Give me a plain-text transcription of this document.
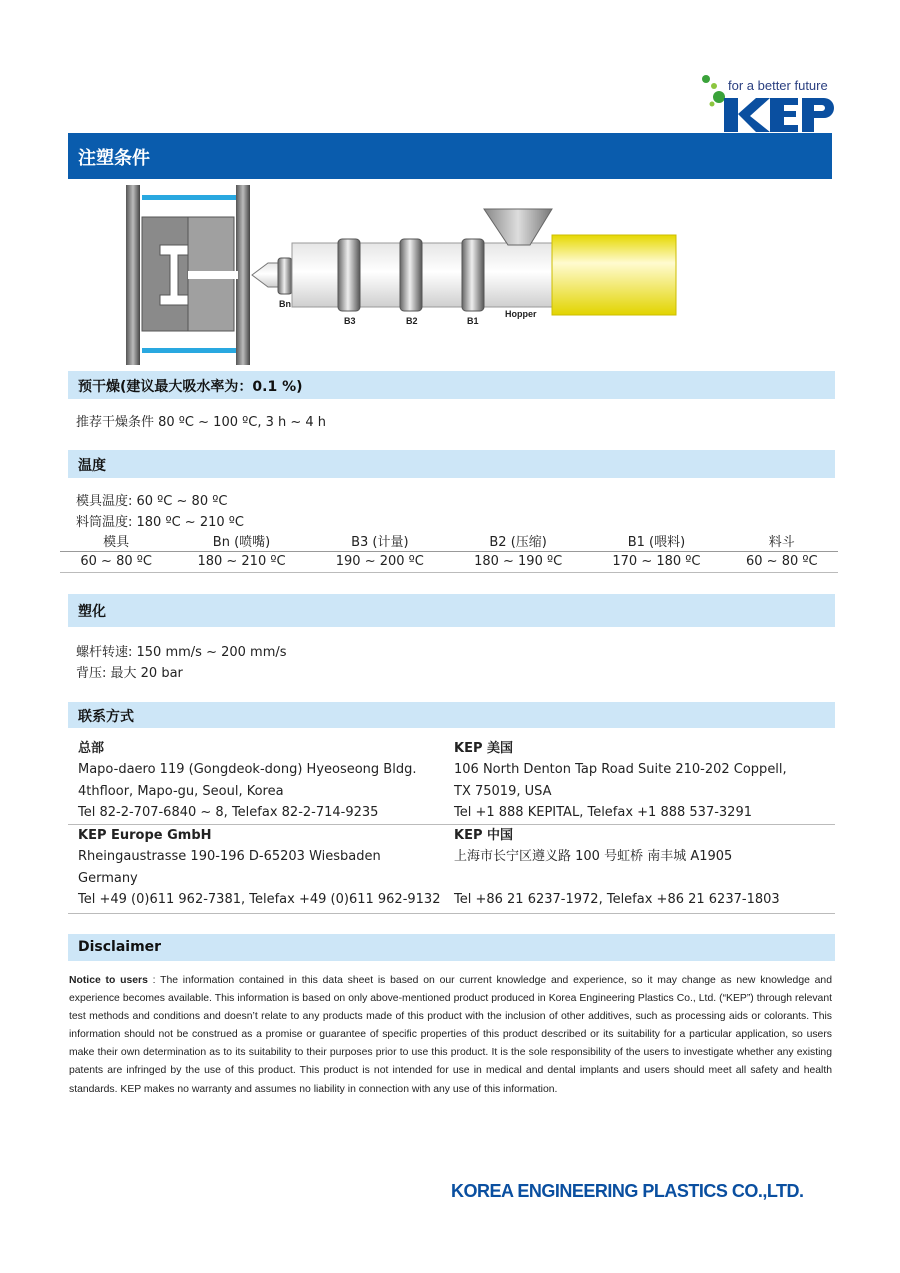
for a better future
注塑条件
Bn
B3	B2	B1
Hopper
预干燥(建议最大吸水率为：0.1 %)
推荐干燥条件 80 ºC ~ 100 ºC, 3 h ~ 4 h
温度
模具温度: 60 ºC ~ 80 ºC
料筒温度: 180 ºC ~ 210 ºC
模具	Bn (喷嘴)	B3 (计量)	B2 (压缩)	B1 (喂料)	料斗
60 ~ 80 ºC	180 ~ 210 ºC	190 ~ 200 ºC	180 ~ 190 ºC	170 ~ 180 ºC	60 ~ 80 ºC
塑化
螺杆转速: 150 mm/s ~ 200 mm/s
背压: 最大 20 bar
联系方式
总部
Mapo-daero 119 (Gongdeok-dong) Hyeoseong Bldg.
4thfloor, Mapo-gu, Seoul, Korea
Tel 82-2-707-6840 ~ 8, Telefax 82-2-714-9235
KEP 美国
106 North Denton Tap Road Suite 210-202 Coppell,
TX 75019, USA
Tel +1 888 KEPITAL, Telefax +1 888 537-3291
KEP Europe GmbH
Rheingaustrasse 190-196 D-65203 Wiesbaden
Germany
Tel +49 (0)611 962-7381, Telefax +49 (0)611 962-9132
KEP 中国
上海市长宁区遵义路 100 号虹桥 南丰城 A1905
Tel +86 21 6237-1972, Telefax +86 21 6237-1803
Disclaimer
Notice to users : The information contained in this data sheet is based on our current knowledge and experience, so it may change as new knowledge and experience becomes available. This information is based on only above-mentioned product produced in Korea Engineering Plastics Co., Ltd. (“KEP”) through relevant test methods and conditions and doesn’t relate to any products made of this product with the inclusion of other additives, such as processing aids or colorants. This information should not be construed as a promise or guarantee of specific properties of this product described or its suitability for a particular application, so users make their own determination as to its suitability to their purposes prior to use this product. It is the sole responsibility of the users to investigate whether any existing patents are infringed by the use of this product. This product is not intended for use in medical and dental implants and users should meet all safety and health standards. KEP makes no warranty and assumes no liability in connection with any use of this information.
KOREA ENGINEERING PLASTICS CO.,LTD.
